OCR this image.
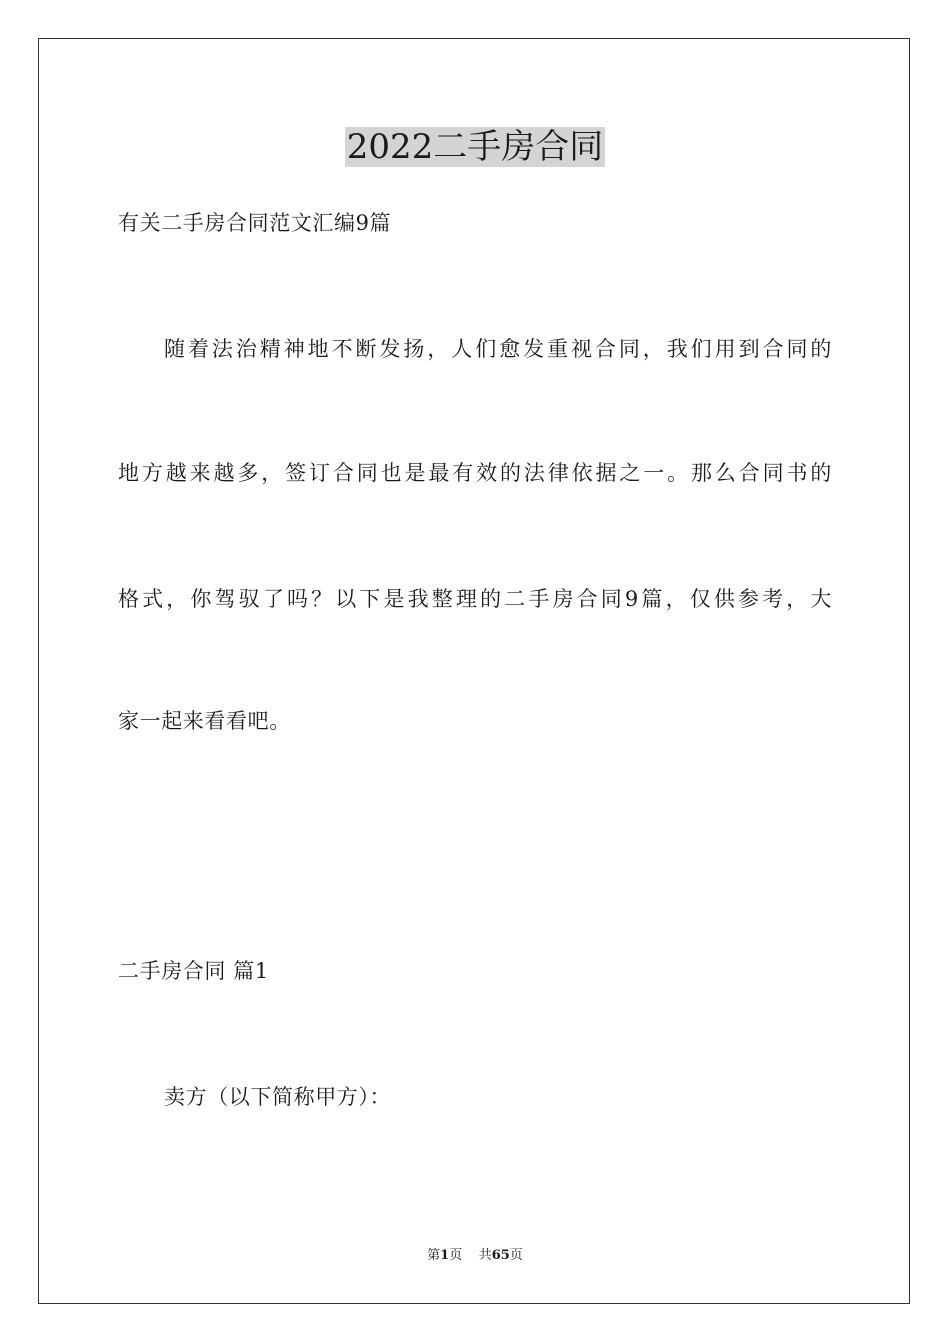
2022二手房合同
有关二手房合同范文汇编9篇
随着法治精神地不断发扬，人们愈发重视合同，我们用到合同的
地方越来越多，签订合同也是最有效的法律依据之一。那么合同书的
格式，你驾驭了吗？以下是我整理的二手房合同9篇，仅供参考，大
家一起来看看吧。
二手房合同 篇1
卖方（以下简称甲方）：
第1页 共65页
